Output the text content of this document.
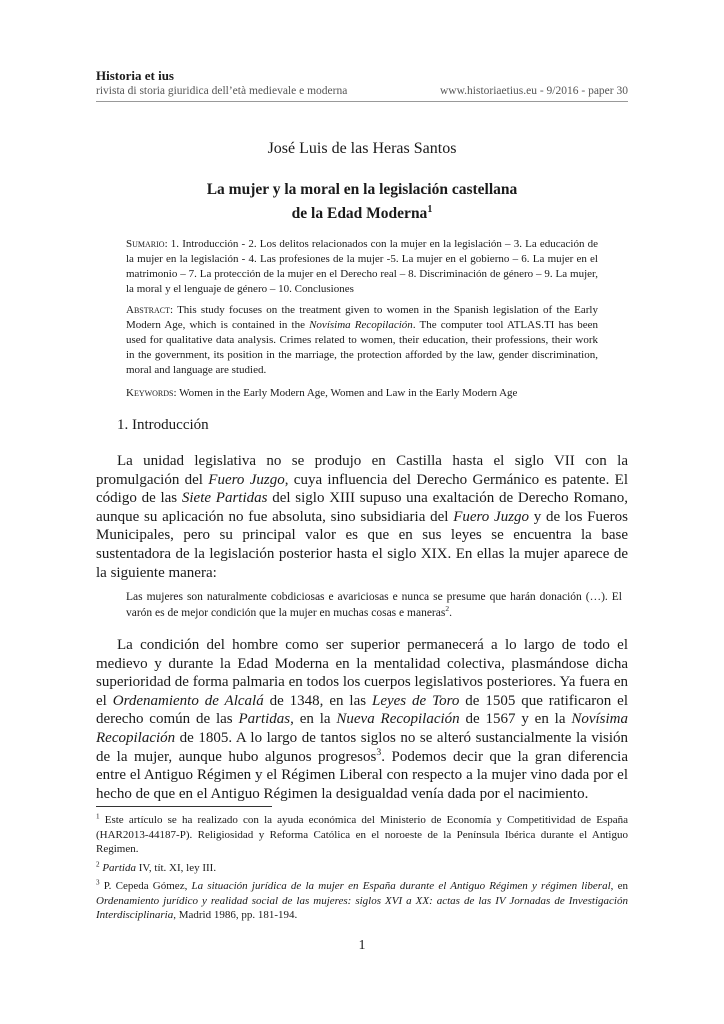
Historia et ius
rivista di storia giuridica dell’età medievale e moderna	www.historiaetius.eu - 9/2016 - paper 30
José Luis de las Heras Santos
La mujer y la moral en la legislación castellana
de la Edad Moderna$^1$
Sumario: 1. Introducción - 2. Los delitos relacionados con la mujer en la legislación – 3. La educación de la mujer en la legislación - 4. Las profesiones de la mujer -5. La mujer en el gobierno – 6. La mujer en el matrimonio – 7. La protección de la mujer en el Derecho real – 8. Discriminación de género – 9. La mujer, la moral y el lenguaje de género – 10. Conclusiones
Abstract: This study focuses on the treatment given to women in the Spanish legislation of the Early Modern Age, which is contained in the Novísima Recopilación. The computer tool ATLAS.TI has been used for qualitative data analysis. Crimes related to women, their education, their professions, their work in the government, its position in the marriage, the protection afforded by the law, gender discrimination, moral and language are studied.
Keywords: Women in the Early Modern Age, Women and Law in the Early Modern Age
1. Introducción

La unidad legislativa no se produjo en Castilla hasta el siglo VII con la promulgación del Fuero Juzgo, cuya influencia del Derecho Germánico es patente. El código de las Siete Partidas del siglo XIII supuso una exaltación de Derecho Romano, aunque su aplicación no fue absoluta, sino subsidiaria del Fuero Juzgo y de los Fueros Municipales, pero su principal valor es que en sus leyes se encuentra la base sustentadora de la legislación posterior hasta el siglo XIX. En ellas la mujer aparece de la siguiente manera:

Las mujeres son naturalmente cobdiciosas e avariciosas e nunca se presume que harán donación (…). El varón es de mejor condición que la mujer en muchas cosas e maneras$^2$.

La condición del hombre como ser superior permanecerá a lo largo de todo el medievo y durante la Edad Moderna en la mentalidad colectiva, plasmándose dicha superioridad de forma palmaria en todos los cuerpos legislativos posteriores. Ya fuera en el Ordenamiento de Alcalá de 1348, en las Leyes de Toro de 1505 que ratificaron el derecho común de las Partidas, en la Nueva Recopilación de 1567 y en la Novísima Recopilación de 1805. A lo largo de tantos siglos no se alteró sustancialmente la visión de la mujer, aunque hubo algunos progresos$^3$. Podemos decir que la gran diferencia entre el Antiguo Régimen y el Régimen Liberal con respecto a la mujer vino dada por el hecho de que en el Antiguo Régimen la desigualdad venía dada por el nacimiento.

$^1$ Este artículo se ha realizado con la ayuda económica del Ministerio de Economía y Competitividad de España (HAR2013-44187-P). Religiosidad y Reforma Católica en el noroeste de la Península Ibérica durante el Antiguo Regimen.
$^2$ Partida IV, tít. XI, ley III.
$^3$ P. Cepeda Gómez, La situación jurídica de la mujer en España durante el Antiguo Régimen y régimen liberal, en Ordenamiento jurídico y realidad social de las mujeres: siglos XVI a XX: actas de las IV Jornadas de Investigación Interdisciplinaria, Madrid 1986, pp. 181-194.
1
